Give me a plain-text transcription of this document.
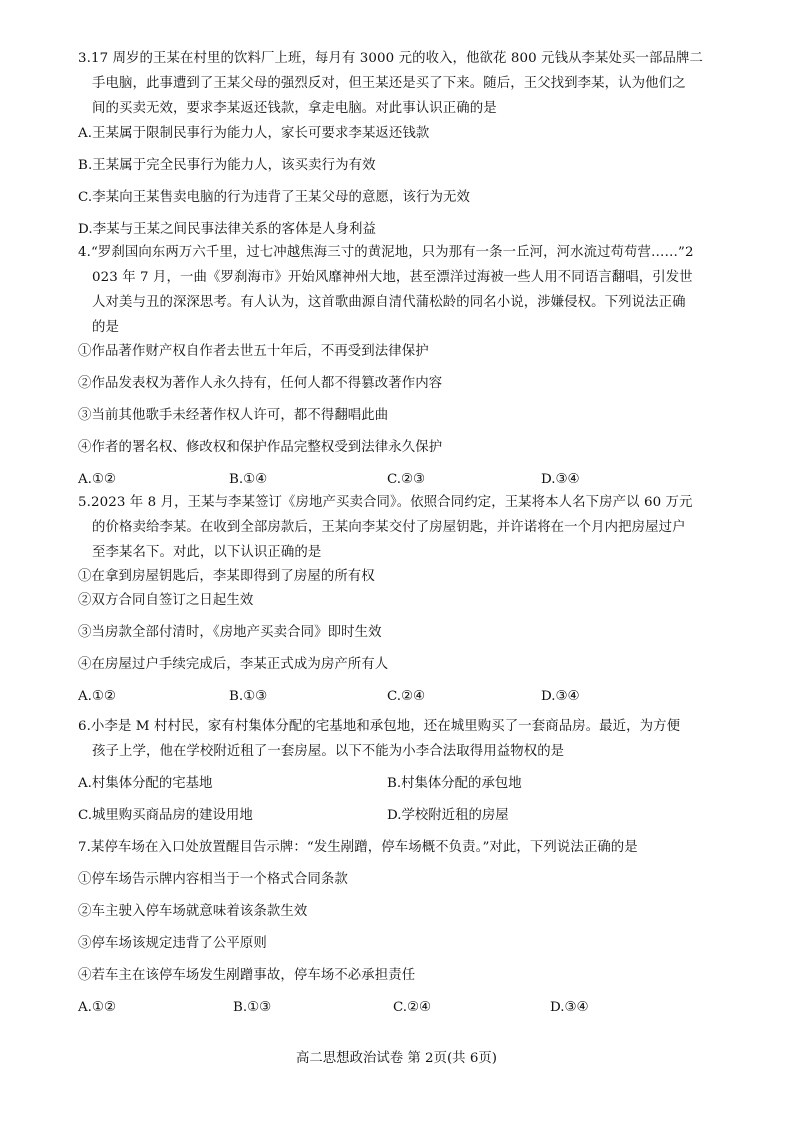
3.17 周岁的王某在村里的饮料厂上班，每月有 3000 元的收入，他欲花 800 元钱从李某处买一部品牌二
手电脑，此事遭到了王某父母的强烈反对，但王某还是买了下来。随后，王父找到李某，认为他们之
间的买卖无效，要求李某返还钱款，拿走电脑。对此事认识正确的是
A.王某属于限制民事行为能力人，家长可要求李某返还钱款
B.王某属于完全民事行为能力人，该买卖行为有效
C.李某向王某售卖电脑的行为违背了王某父母的意愿，该行为无效
D.李某与王某之间民事法律关系的客体是人身利益
4.“罗刹国向东两万六千里，过七冲越焦海三寸的黄泥地，只为那有一条一丘河，河水流过苟苟营……”2
023 年 7 月，一曲《罗刹海市》开始风靡神州大地，甚至漂洋过海被一些人用不同语言翻唱，引发世
人对美与丑的深深思考。有人认为，这首歌曲源自清代蒲松龄的同名小说，涉嫌侵权。下列说法正确
的是
①作品著作财产权自作者去世五十年后，不再受到法律保护
②作品发表权为著作人永久持有，任何人都不得篡改著作内容
③当前其他歌手未经著作权人许可，都不得翻唱此曲
④作者的署名权、修改权和保护作品完整权受到法律永久保护
A.①②	B.①④	C.②③	D.③④
5.2023 年 8 月，王某与李某签订《房地产买卖合同》。依照合同约定，王某将本人名下房产以 60 万元
的价格卖给李某。在收到全部房款后，王某向李某交付了房屋钥匙，并许诺将在一个月内把房屋过户
至李某名下。对此，以下认识正确的是
①在拿到房屋钥匙后，李某即得到了房屋的所有权
②双方合同自签订之日起生效
③当房款全部付清时，《房地产买卖合同》即时生效
④在房屋过户手续完成后，李某正式成为房产所有人
A.①②	B.①③	C.②④	D.③④
6.小李是 M 村村民，家有村集体分配的宅基地和承包地，还在城里购买了一套商品房。最近，为方便
孩子上学，他在学校附近租了一套房屋。以下不能为小李合法取得用益物权的是
A.村集体分配的宅基地	B.村集体分配的承包地
C.城里购买商品房的建设用地	D.学校附近租的房屋
7.某停车场在入口处放置醒目告示牌：“发生剐蹭，停车场概不负责。”对此，下列说法正确的是
①停车场告示牌内容相当于一个格式合同条款
②车主驶入停车场就意味着该条款生效
③停车场该规定违背了公平原则
④若车主在该停车场发生剐蹭事故，停车场不必承担责任
A.①②	B.①③	C.②④	D.③④
高二思想政治试卷 第 2页(共 6页)
